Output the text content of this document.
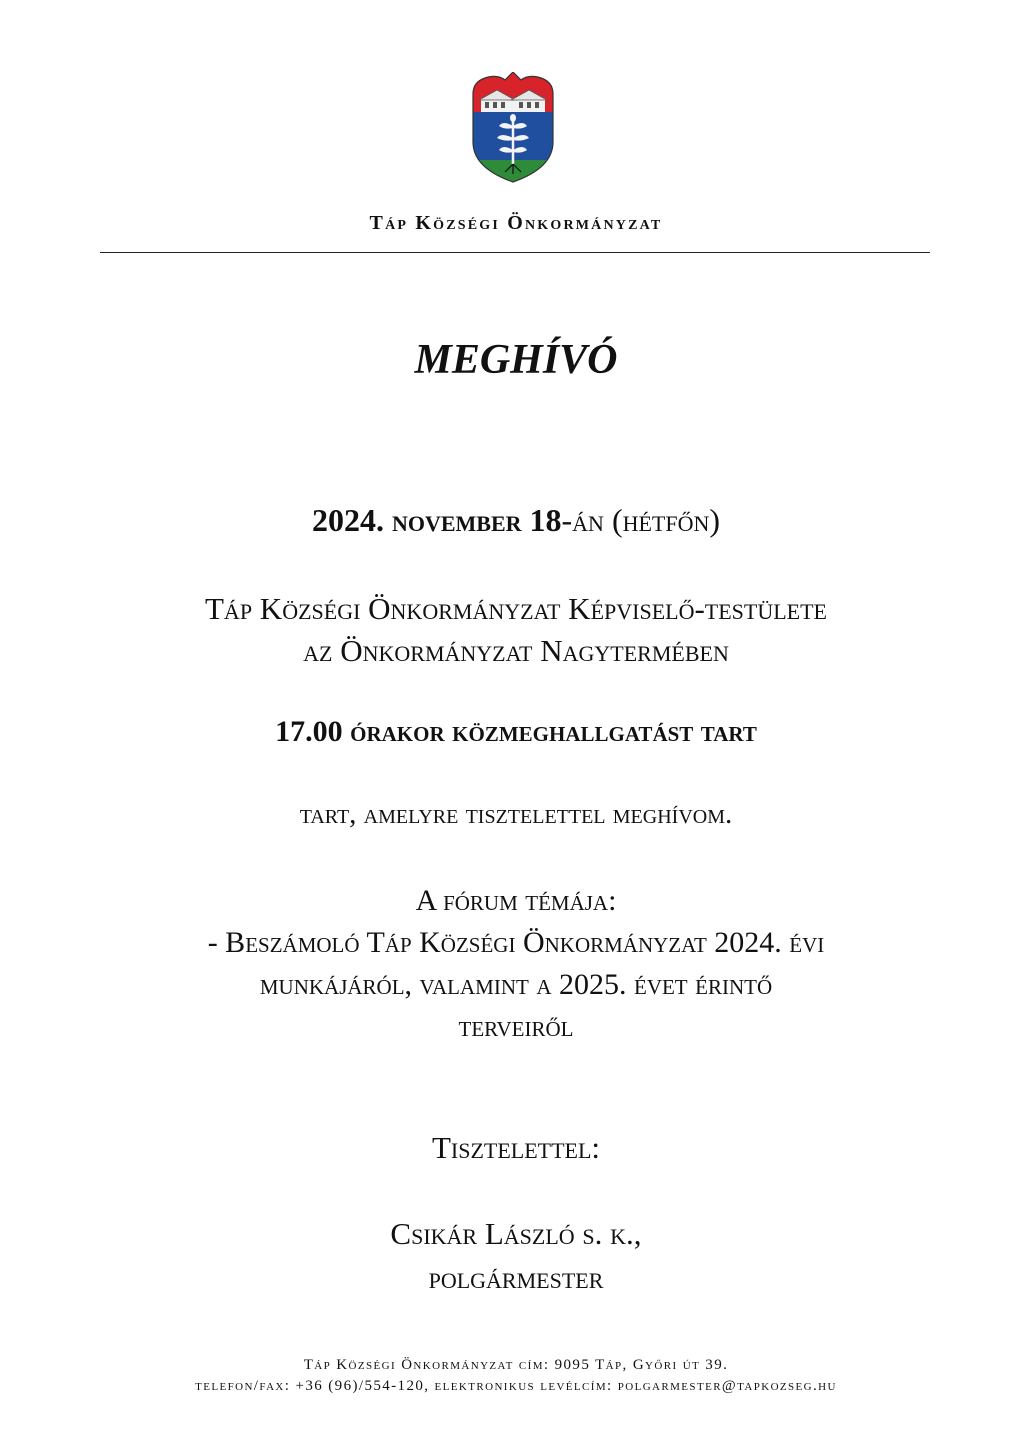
Táp Községi Önkormányzat
MEGHÍVÓ
2024. november 18-án (hétfőn)
Táp Községi Önkormányzat Képviselő-testülete
az Önkormányzat Nagytermében
17.00 órakor közmeghallgatást tart
tart, amelyre tisztelettel meghívom.
A fórum témája:
- Beszámoló Táp Községi Önkormányzat 2024. évi
munkájáról, valamint a 2025. évet érintő
terveiről
Tisztelettel:
Csikár László s. k.,
polgármester
Táp Községi Önkormányzat cím: 9095 Táp, Győri út 39.
telefon/fax: +36 (96)/554-120, elektronikus levélcím: polgarmester@tapkozseg.hu
